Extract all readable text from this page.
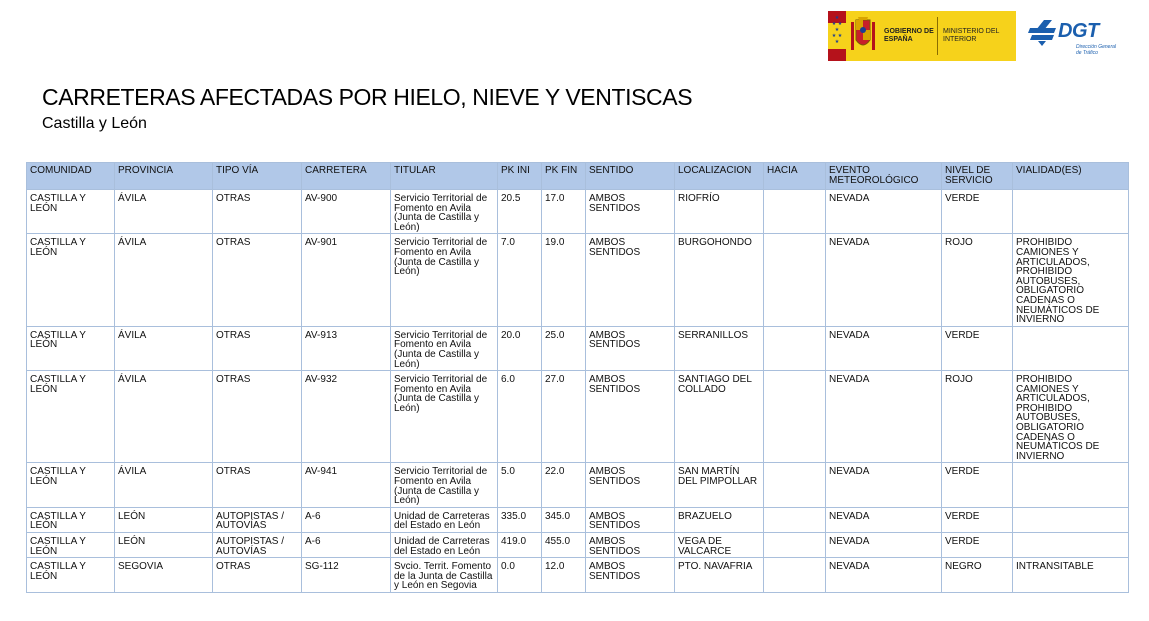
★
★ ★
★
★ ★
★
GOBIERNO DE ESPAÑA
MINISTERIO DEL INTERIOR	DGT
Dirección General de Tráfico
CARRETERAS AFECTADAS POR HIELO, NIEVE Y VENTISCAS

Castilla y León

COMUNIDAD	PROVINCIA	TIPO VÍA	CARRETERA	TITULAR	PK INI	PK FIN	SENTIDO	LOCALIZACION	HACIA	EVENTO METEOROLÓGICO	NIVEL DE SERVICIO	VIALIDAD(ES)
CASTILLA Y LEÓN	ÁVILA	OTRAS	AV-900	Servicio Territorial de Fomento en Avila (Junta de Castilla y León)	20.5	17.0	AMBOS SENTIDOS	RIOFRÍO		NEVADA	VERDE	
CASTILLA Y LEÓN	ÁVILA	OTRAS	AV-901	Servicio Territorial de Fomento en Avila (Junta de Castilla y León)	7.0	19.0	AMBOS SENTIDOS	BURGOHONDO		NEVADA	ROJO	PROHIBIDO CAMIONES Y ARTICULADOS, PROHIBIDO AUTOBUSES, OBLIGATORIO CADENAS O NEUMÁTICOS DE INVIERNO
CASTILLA Y LEÓN	ÁVILA	OTRAS	AV-913	Servicio Territorial de Fomento en Avila (Junta de Castilla y León)	20.0	25.0	AMBOS SENTIDOS	SERRANILLOS		NEVADA	VERDE	
CASTILLA Y LEÓN	ÁVILA	OTRAS	AV-932	Servicio Territorial de Fomento en Avila (Junta de Castilla y León)	6.0	27.0	AMBOS SENTIDOS	SANTIAGO DEL COLLADO		NEVADA	ROJO	PROHIBIDO CAMIONES Y ARTICULADOS, PROHIBIDO AUTOBUSES, OBLIGATORIO CADENAS O NEUMÁTICOS DE INVIERNO
CASTILLA Y LEÓN	ÁVILA	OTRAS	AV-941	Servicio Territorial de Fomento en Avila (Junta de Castilla y León)	5.0	22.0	AMBOS SENTIDOS	SAN MARTÍN DEL PIMPOLLAR		NEVADA	VERDE	
CASTILLA Y LEÓN	LEÓN	AUTOPISTAS / AUTOVÍAS	A-6	Unidad de Carreteras del Estado en León	335.0	345.0	AMBOS SENTIDOS	BRAZUELO		NEVADA	VERDE	
CASTILLA Y LEÓN	LEÓN	AUTOPISTAS / AUTOVÍAS	A-6	Unidad de Carreteras del Estado en León	419.0	455.0	AMBOS SENTIDOS	VEGA DE VALCARCE		NEVADA	VERDE	
CASTILLA Y LEÓN	SEGOVIA	OTRAS	SG-112	Svcio. Territ. Fomento de la Junta de Castilla y León en Segovia	0.0	12.0	AMBOS SENTIDOS	PTO. NAVAFRIA		NEVADA	NEGRO	INTRANSITABLE
